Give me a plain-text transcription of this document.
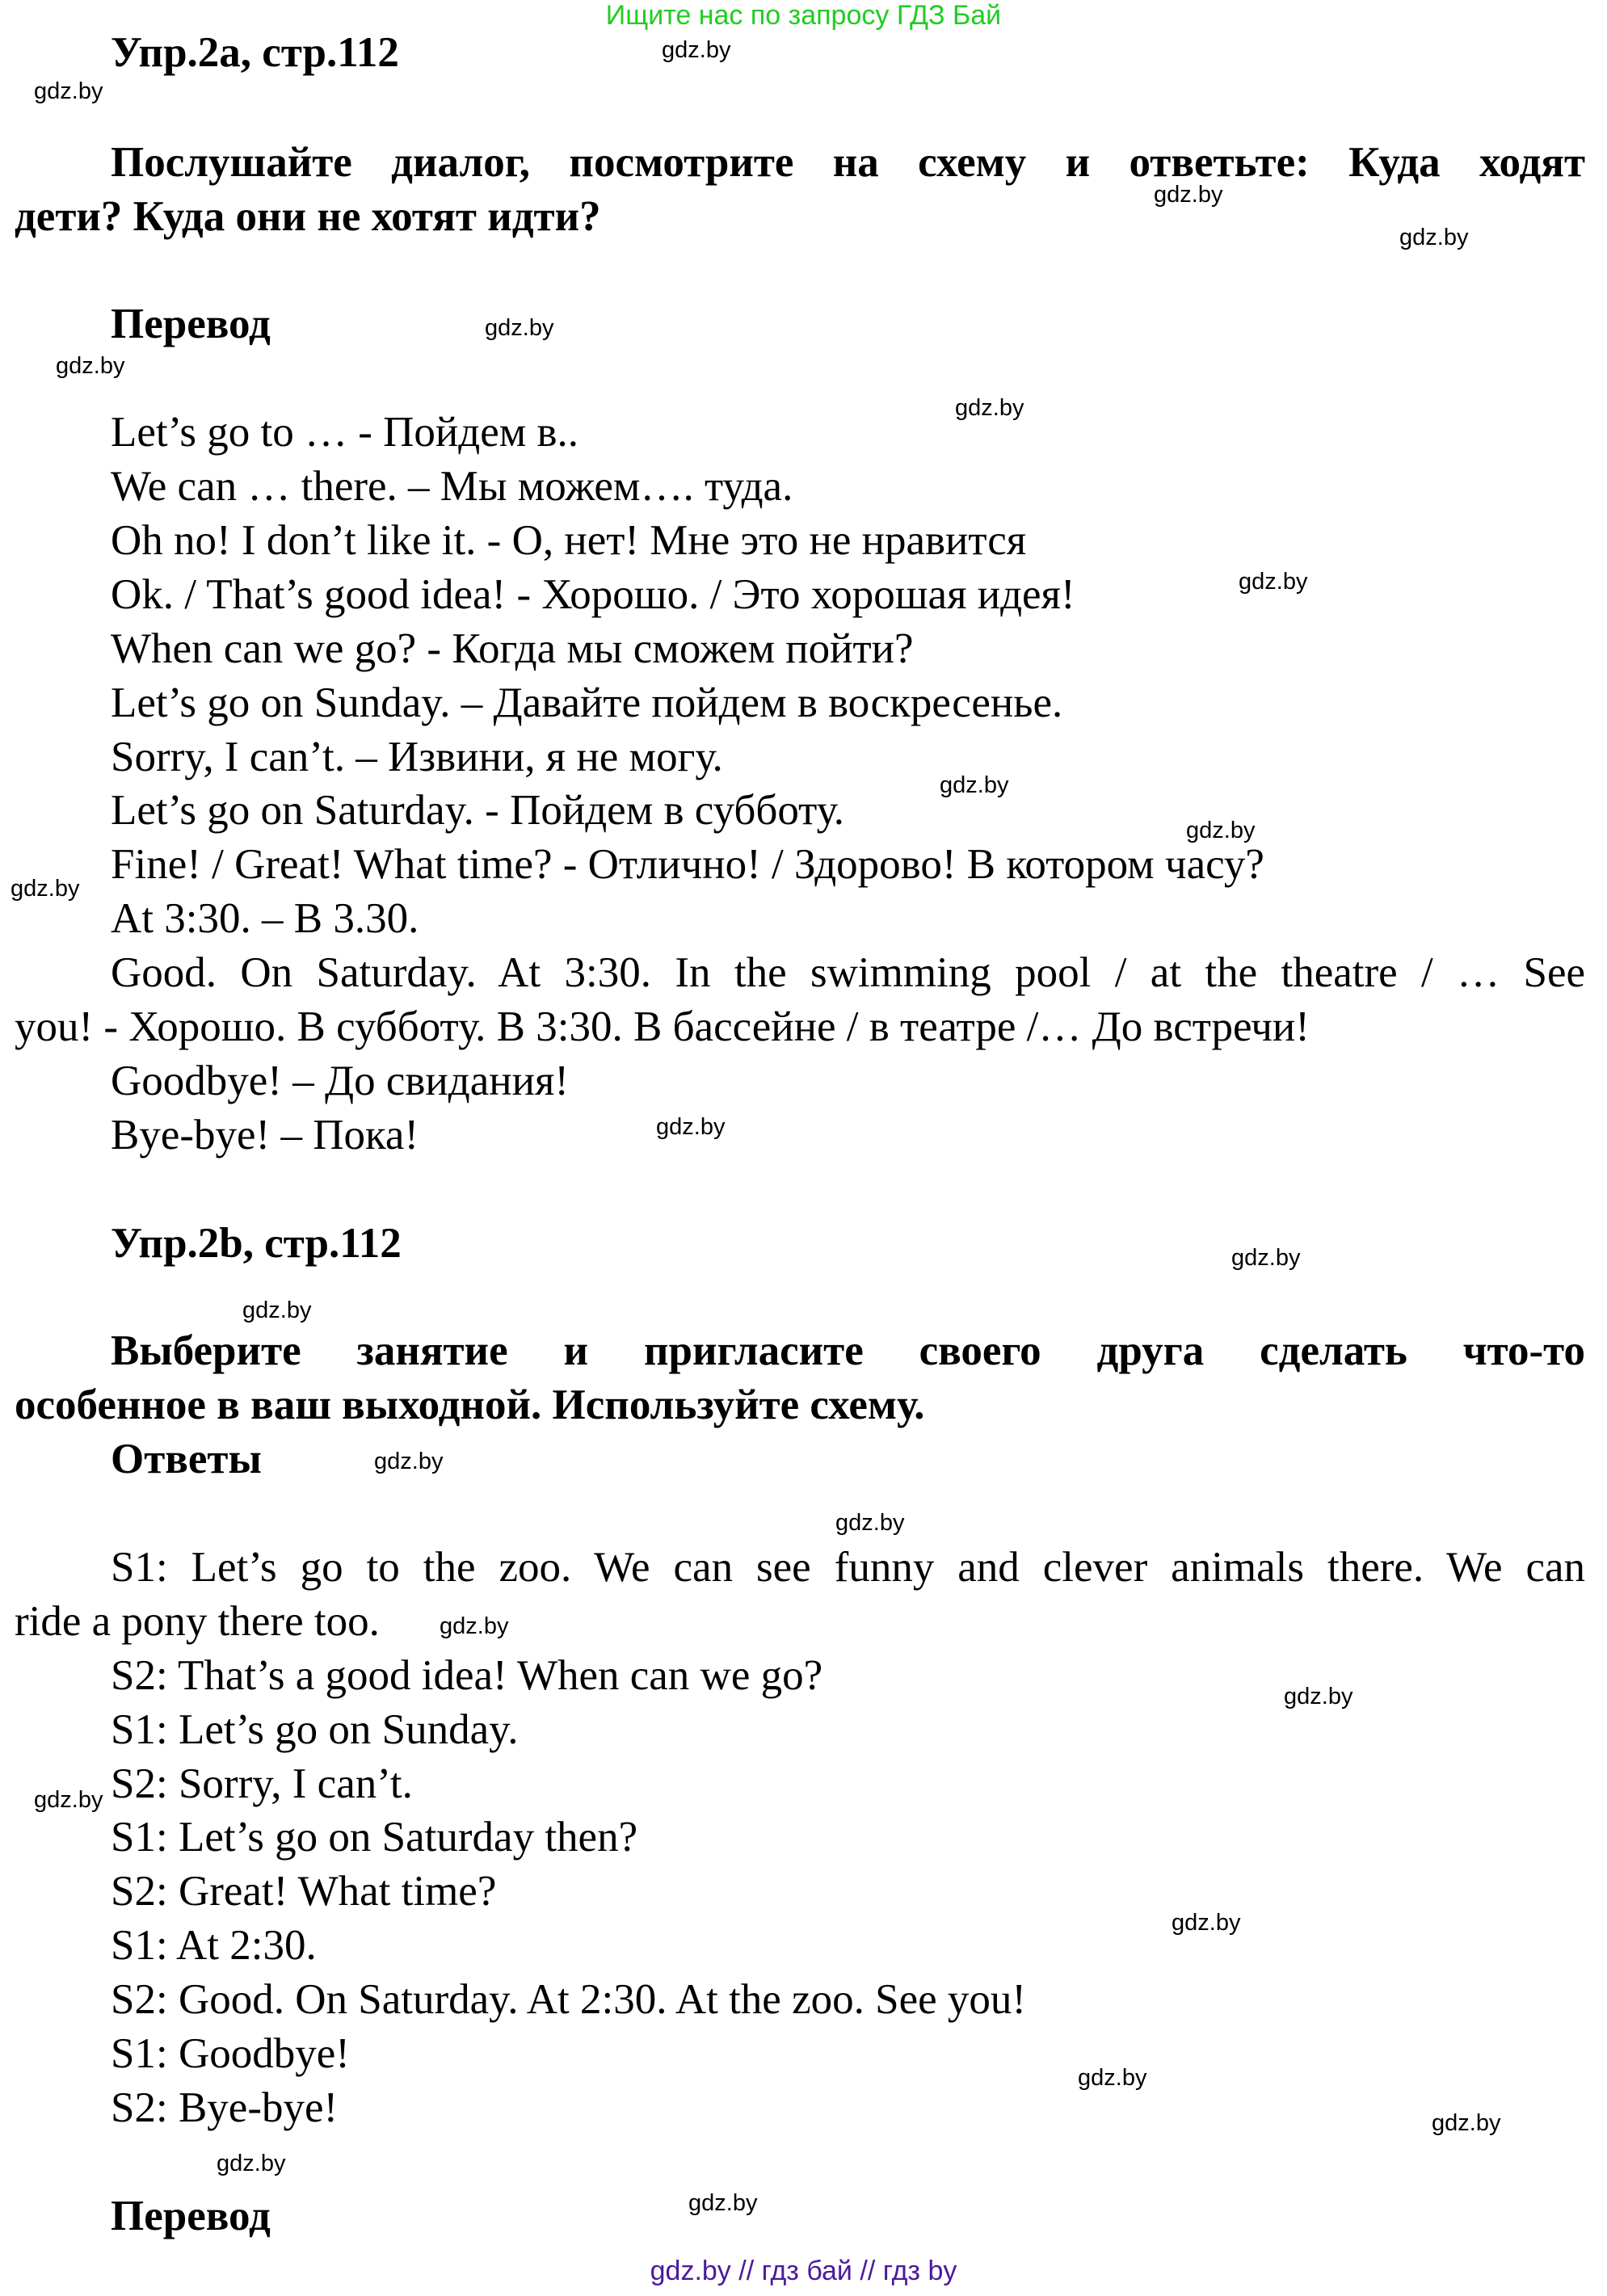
Ищите нас по запросу ГДЗ Бай
Упр.2a, стр.112
Послушайте диалог, посмотрите на схему и ответьте: Куда ходят
дети? Куда они не хотят идти?
Перевод
Let’s go to … - Пойдем в..
We can … there. – Мы можем…. туда.
Oh no! I don’t like it. - О, нет! Мне это не нравится
Ok. / That’s good idea! - Хорошо. / Это хорошая идея!
When can we go? - Когда мы сможем пойти?
Let’s go on Sunday. – Давайте пойдем в воскресенье.
Sorry, I can’t. – Извини, я не могу.
Let’s go on Saturday. - Пойдем в субботу.
Fine! / Great! What time? - Отлично! / Здорово! В котором часу?
At 3:30. – В 3.30.
Good. On Saturday. At 3:30. In the swimming pool / at the theatre / … See
you! - Хорошо. В субботу. В 3:30. В бассейне / в театре /… До встречи!
Goodbye! – До свидания!
Bye-bye! – Пока!
Упр.2b, стр.112
Выберите занятие и пригласите своего друга сделать что-то
особенное в ваш выходной. Используйте схему.
Ответы
S1: Let’s go to the zoo. We can see funny and clever animals there. We can
ride a pony there too.
S2: That’s a good idea! When can we go?
S1: Let’s go on Sunday.
S2: Sorry, I can’t.
S1: Let’s go on Saturday then?
S2: Great! What time?
S1: At 2:30.
S2: Good. On Saturday. At 2:30. At the zoo. See you!
S1: Goodbye!
S2: Bye-bye!
Перевод
gdz.by
gdz.by
gdz.by
gdz.by
gdz.by
gdz.by
gdz.by
gdz.by
gdz.by
gdz.by
gdz.by
gdz.by
gdz.by
gdz.by
gdz.by
gdz.by
gdz.by
gdz.by
gdz.by
gdz.by
gdz.by
gdz.by
gdz.by
gdz.by
gdz.by // гдз бай // гдз by
